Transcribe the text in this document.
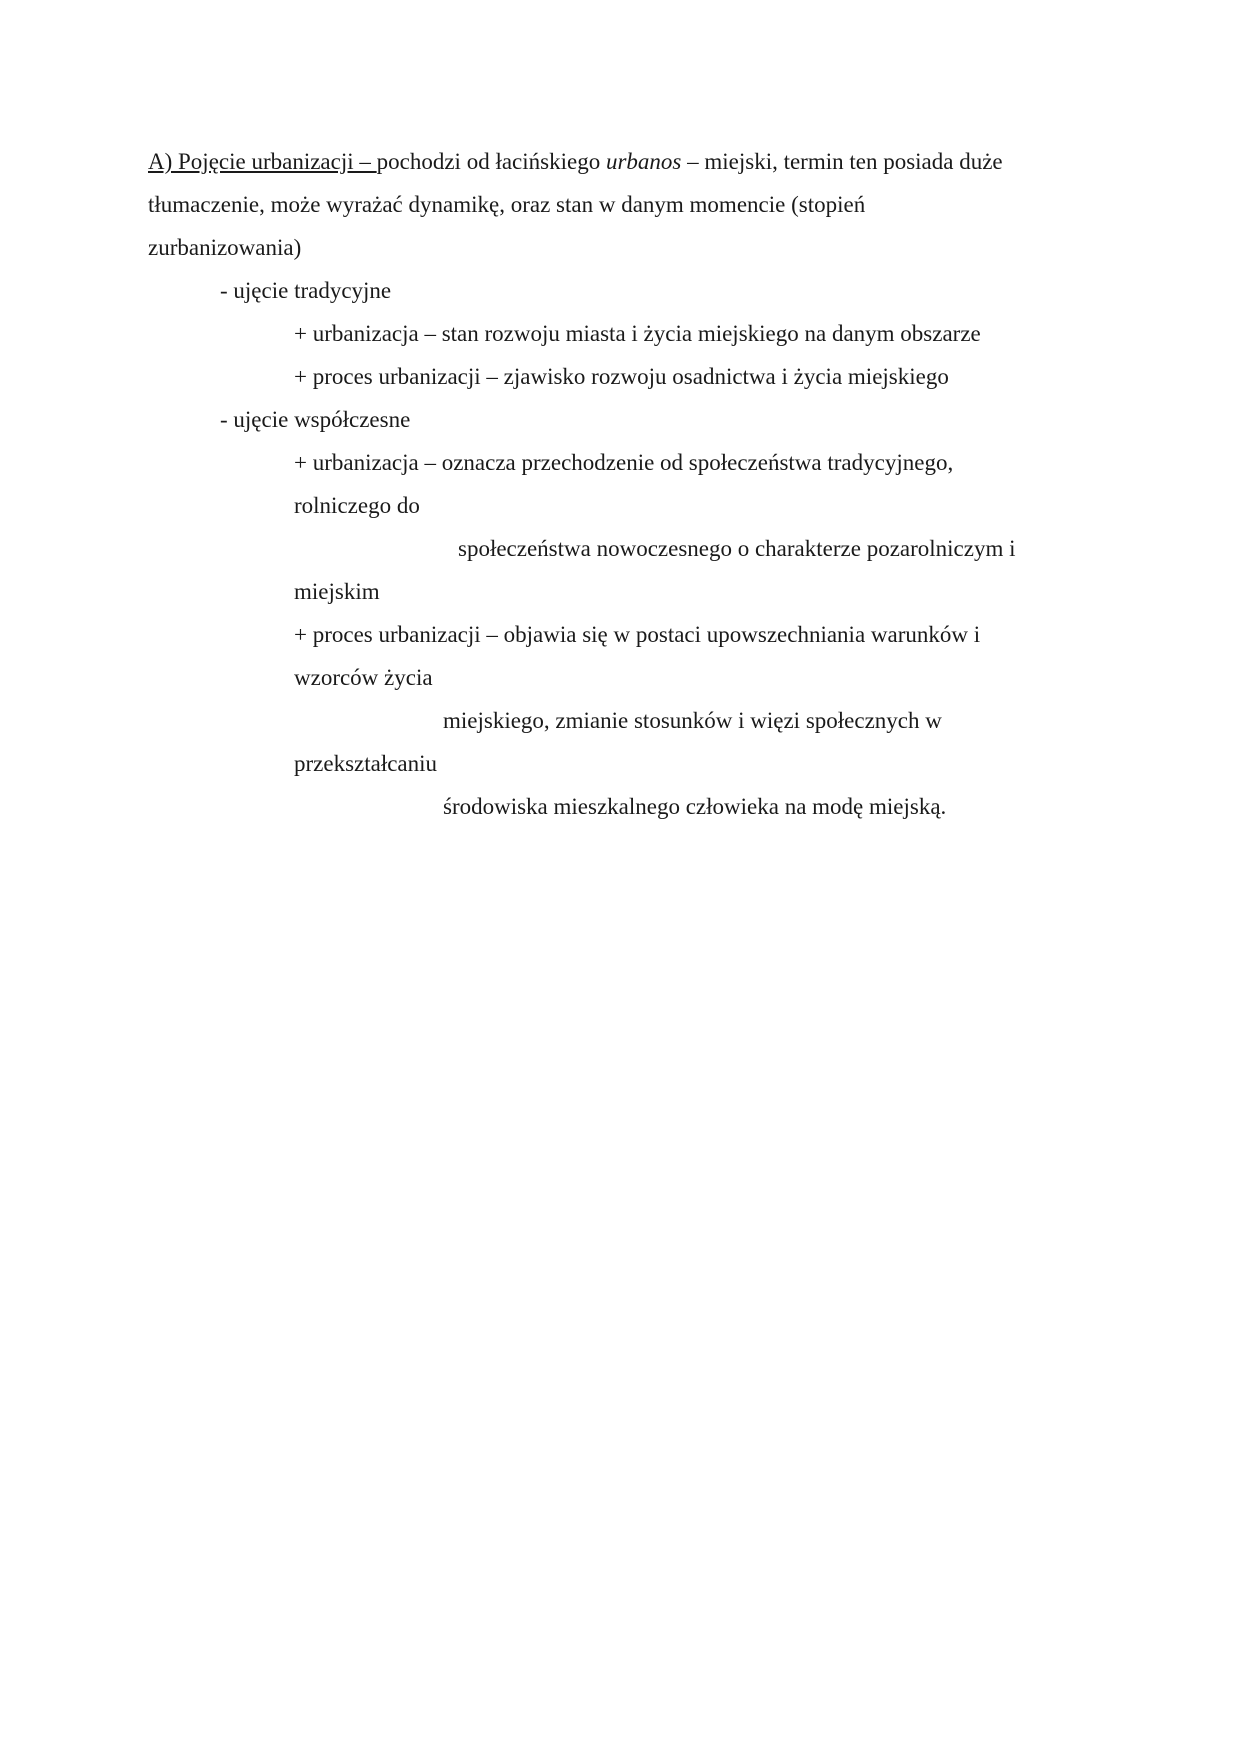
A) Pojęcie urbanizacji – pochodzi od łacińskiego urbanos – miejski, termin ten posiada duże
tłumaczenie, może wyrażać dynamikę, oraz stan w danym momencie (stopień
zurbanizowania)
- ujęcie tradycyjne
+ urbanizacja – stan rozwoju miasta i życia miejskiego na danym obszarze
+ proces urbanizacji – zjawisko rozwoju osadnictwa i życia miejskiego
- ujęcie współczesne
+ urbanizacja – oznacza przechodzenie od społeczeństwa tradycyjnego,
rolniczego do
społeczeństwa nowoczesnego o charakterze pozarolniczym i
miejskim
+ proces urbanizacji – objawia się w postaci upowszechniania warunków i
wzorców życia
miejskiego, zmianie stosunków i więzi społecznych w
przekształcaniu
środowiska mieszkalnego człowieka na modę miejską.
